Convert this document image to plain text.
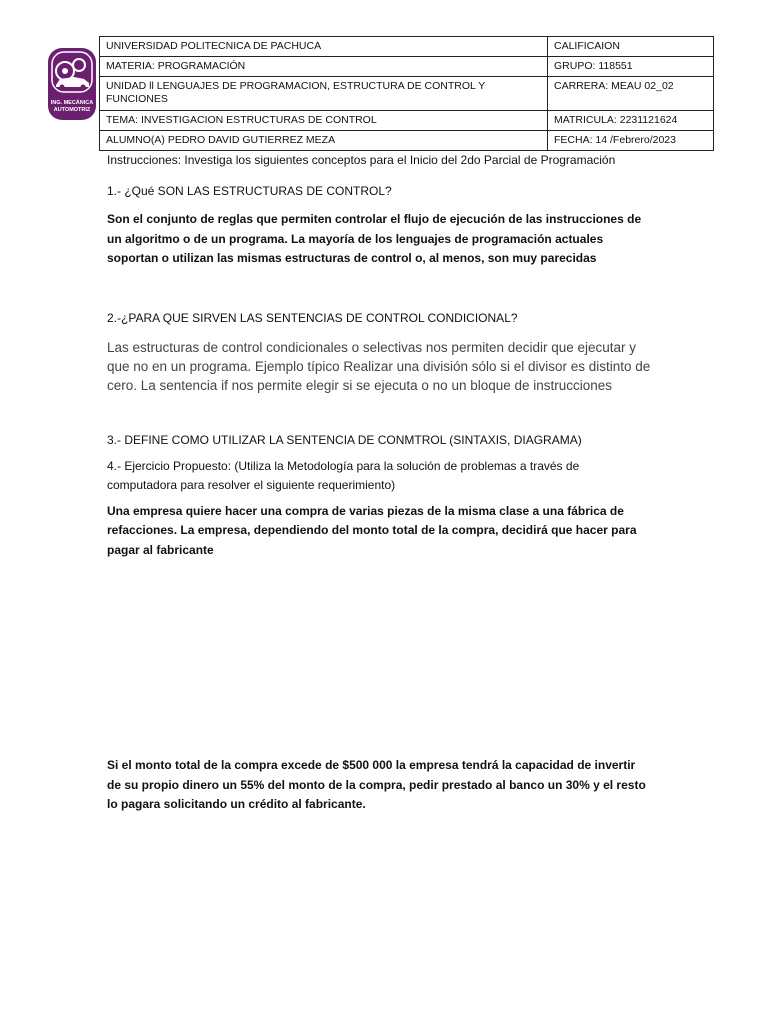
ING. MECÁNICA
AUTOMOTRIZ
UNIVERSIDAD POLITECNICA DE PACHUCA	CALIFICAION
MATERIA: PROGRAMACIÓN	GRUPO: 118551
UNIDAD ll LENGUAJES DE PROGRAMACION, ESTRUCTURA DE CONTROL Y FUNCIONES	CARRERA: MEAU 02_02
TEMA: INVESTIGACION ESTRUCTURAS DE CONTROL	MATRICULA: 2231121624
ALUMNO(A) PEDRO DAVID GUTIERREZ MEZA	FECHA: 14 /Febrero/2023

Instrucciones: Investiga los siguientes conceptos para el Inicio del 2do Parcial de Programación

1.- ¿Qué SON LAS ESTRUCTURAS DE CONTROL?

Son el conjunto de reglas que permiten controlar el flujo de ejecución de las instrucciones de un algoritmo o de un programa. La mayoría de los lenguajes de programación actuales soportan o utilizan las mismas estructuras de control o, al menos, son muy parecidas

2.-¿PARA QUE SIRVEN LAS SENTENCIAS DE CONTROL CONDICIONAL?

Las estructuras de control condicionales o selectivas nos permiten decidir que ejecutar y que no en un programa. Ejemplo típico Realizar una división sólo si el divisor es distinto de cero. La sentencia if nos permite elegir si se ejecuta o no un bloque de instrucciones

3.- DEFINE COMO UTILIZAR LA SENTENCIA DE CONMTROL (SINTAXIS, DIAGRAMA)

4.- Ejercicio Propuesto: (Utiliza la Metodología para la solución de problemas a través de computadora para resolver el siguiente requerimiento)

Una empresa quiere hacer una compra de varias piezas de la misma clase a una fábrica de refacciones. La empresa, dependiendo del monto total de la compra, decidirá que hacer para pagar al fabricante

Si el monto total de la compra excede de $500 000 la empresa tendrá la capacidad de invertir de su propio dinero un 55% del monto de la compra, pedir prestado al banco un 30% y el resto lo pagara solicitando un crédito al fabricante.
